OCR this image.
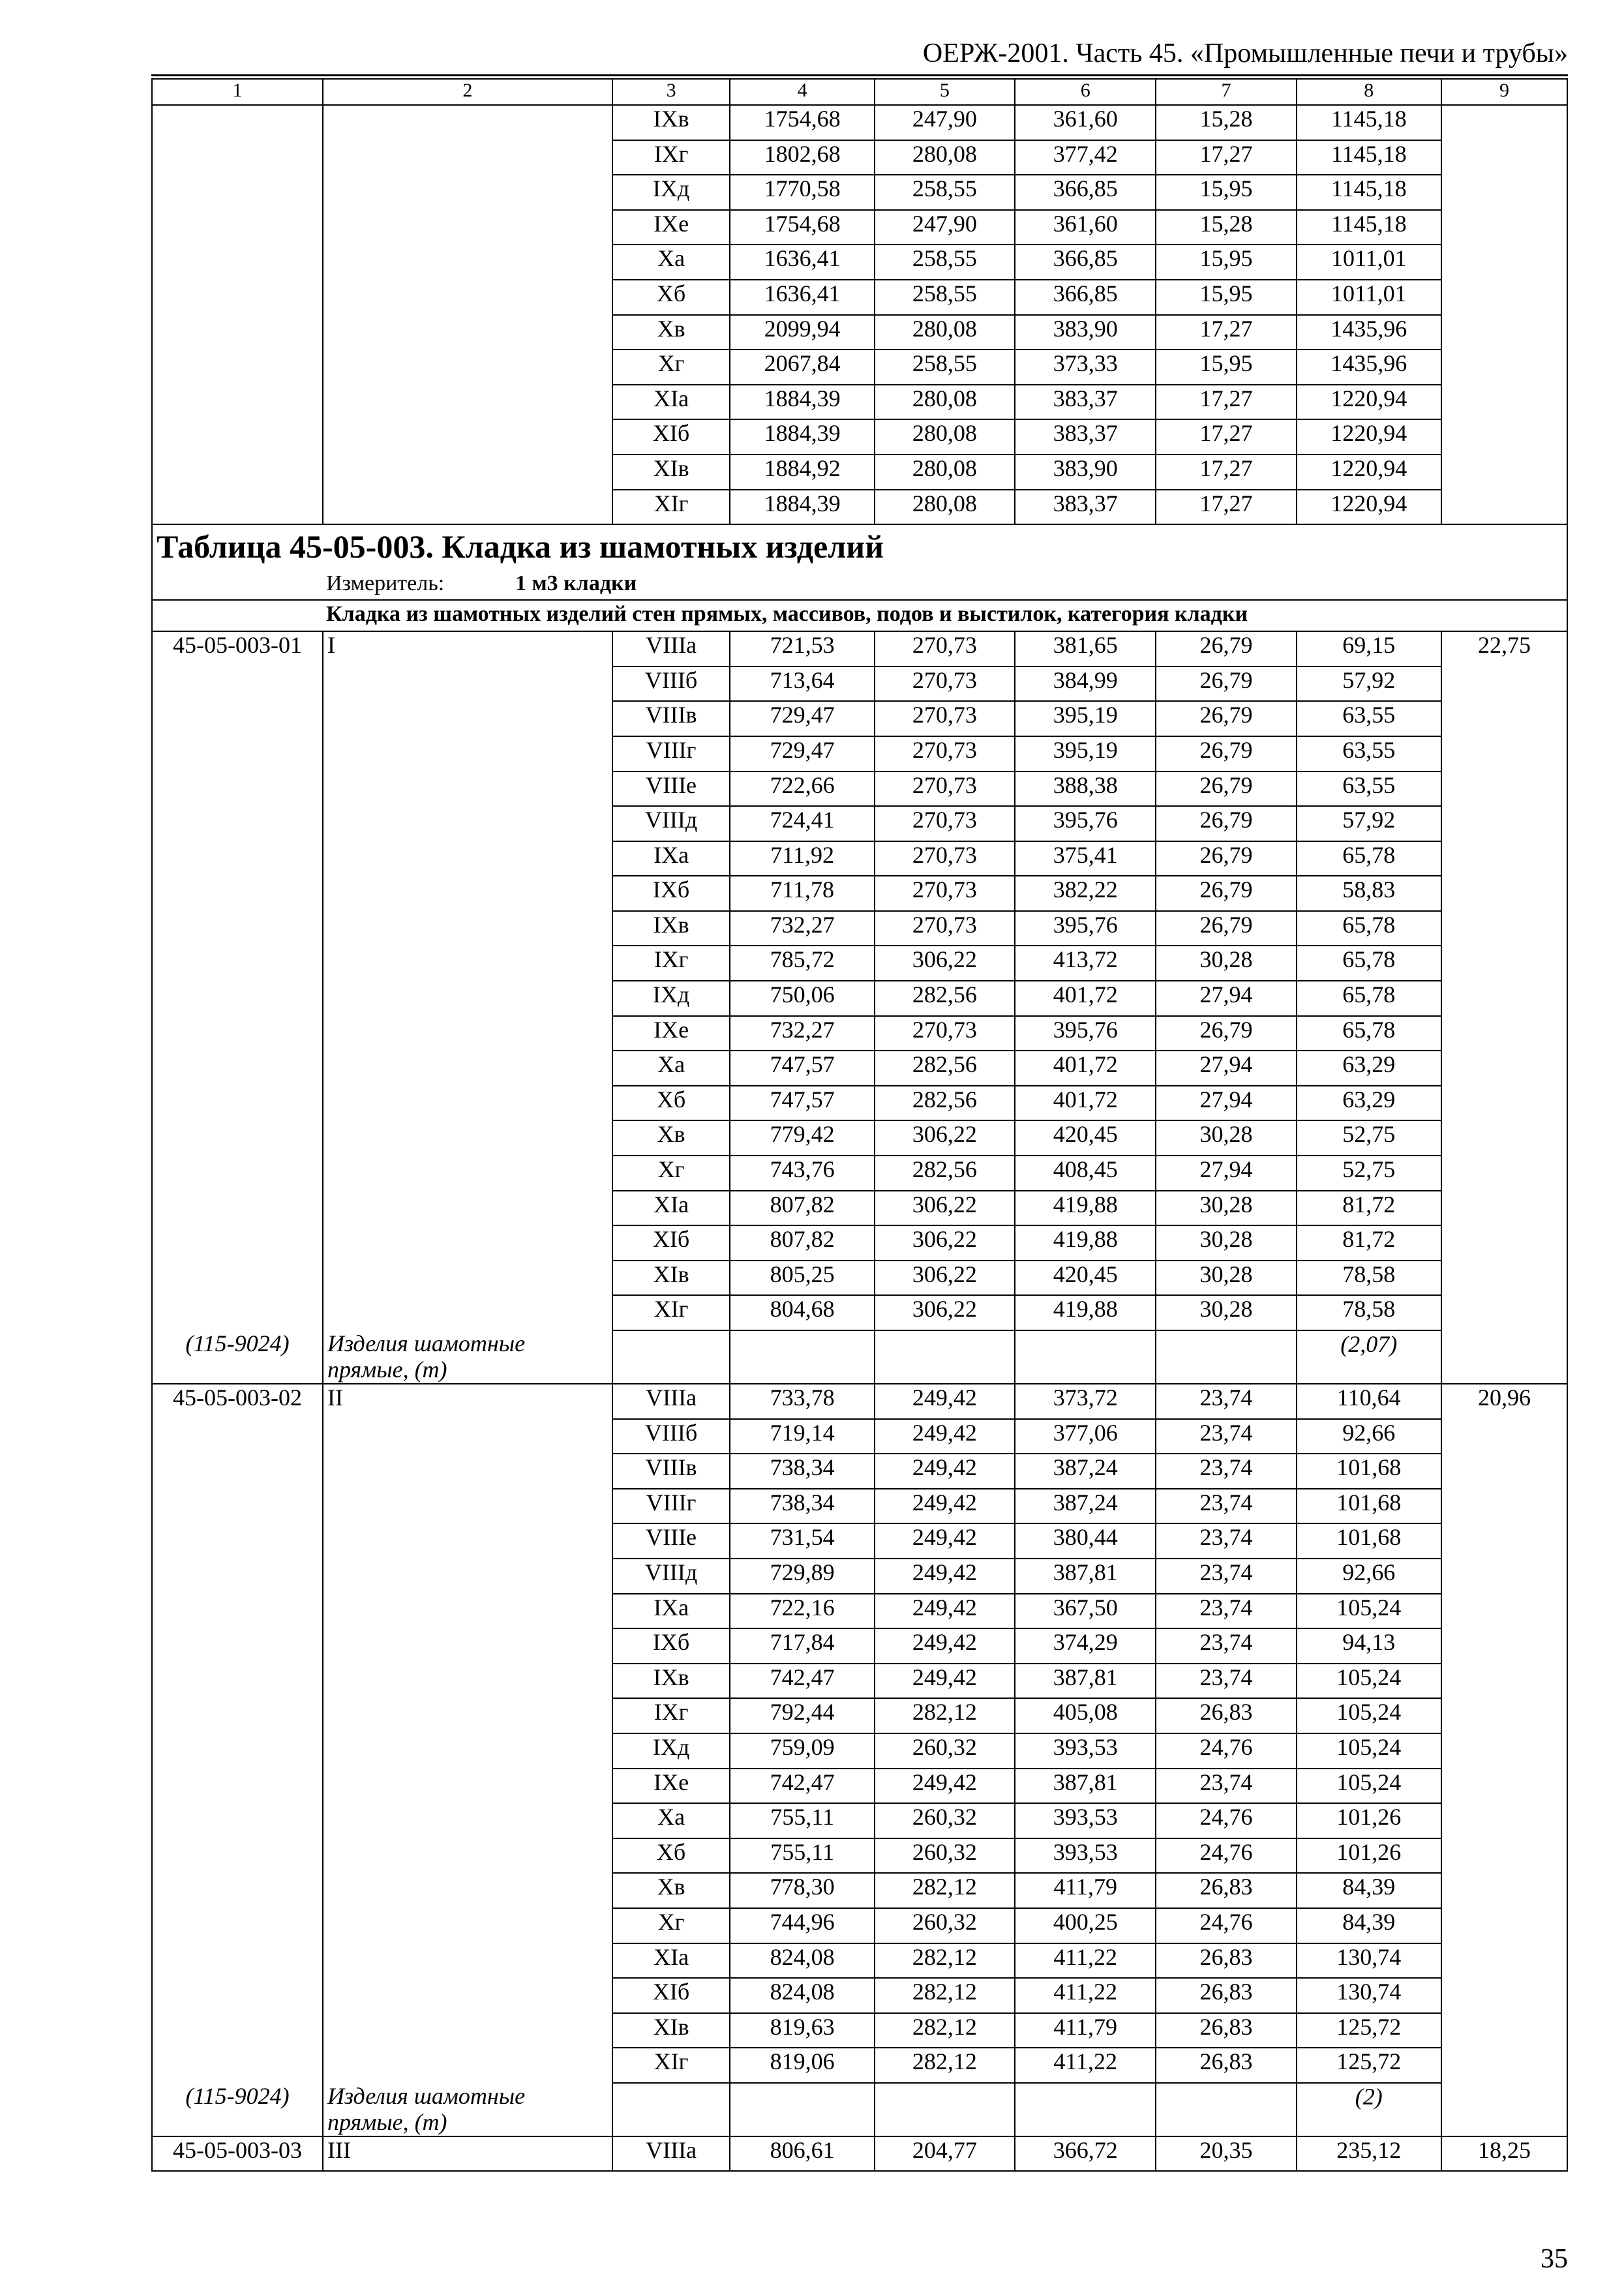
ОЕРЖ-2001. Часть 45. «Промышленные печи и трубы»
1	2	3	4	5	6	7	8	9
		IXв	1754,68	247,90	361,60	15,28	1145,18	
		IXг	1802,68	280,08	377,42	17,27	1145,18	
		IXд	1770,58	258,55	366,85	15,95	1145,18	
		IXе	1754,68	247,90	361,60	15,28	1145,18	
		Xа	1636,41	258,55	366,85	15,95	1011,01	
		Xб	1636,41	258,55	366,85	15,95	1011,01	
		Xв	2099,94	280,08	383,90	17,27	1435,96	
		Xг	2067,84	258,55	373,33	15,95	1435,96	
		XIа	1884,39	280,08	383,37	17,27	1220,94	
		XIб	1884,39	280,08	383,37	17,27	1220,94	
		XIв	1884,92	280,08	383,90	17,27	1220,94	
		XIг	1884,39	280,08	383,37	17,27	1220,94	
Таблица 45-05-003. Кладка из шамотных изделий								
Измеритель: 1 м3 кладки								
Кладка из шамотных изделий стен прямых, массивов, подов и выстилок, категория кладки								
45-05-003-01	I	VIIIа	721,53	270,73	381,65	26,79	69,15	22,75
		VIIIб	713,64	270,73	384,99	26,79	57,92	
		VIIIв	729,47	270,73	395,19	26,79	63,55	
		VIIIг	729,47	270,73	395,19	26,79	63,55	
		VIIIе	722,66	270,73	388,38	26,79	63,55	
		VIIIд	724,41	270,73	395,76	26,79	57,92	
		IXа	711,92	270,73	375,41	26,79	65,78	
		IXб	711,78	270,73	382,22	26,79	58,83	
		IXв	732,27	270,73	395,76	26,79	65,78	
		IXг	785,72	306,22	413,72	30,28	65,78	
		IXд	750,06	282,56	401,72	27,94	65,78	
		IXе	732,27	270,73	395,76	26,79	65,78	
		Xа	747,57	282,56	401,72	27,94	63,29	
		Xб	747,57	282,56	401,72	27,94	63,29	
		Xв	779,42	306,22	420,45	30,28	52,75	
		Xг	743,76	282,56	408,45	27,94	52,75	
		XIа	807,82	306,22	419,88	30,28	81,72	
		XIб	807,82	306,22	419,88	30,28	81,72	
		XIв	805,25	306,22	420,45	30,28	78,58	
		XIг	804,68	306,22	419,88	30,28	78,58	
(115-9024)	Изделия шамотные
прямые, (т)						(2,07)	
45-05-003-02	II	VIIIа	733,78	249,42	373,72	23,74	110,64	20,96
		VIIIб	719,14	249,42	377,06	23,74	92,66	
		VIIIв	738,34	249,42	387,24	23,74	101,68	
		VIIIг	738,34	249,42	387,24	23,74	101,68	
		VIIIе	731,54	249,42	380,44	23,74	101,68	
		VIIIд	729,89	249,42	387,81	23,74	92,66	
		IXа	722,16	249,42	367,50	23,74	105,24	
		IXб	717,84	249,42	374,29	23,74	94,13	
		IXв	742,47	249,42	387,81	23,74	105,24	
		IXг	792,44	282,12	405,08	26,83	105,24	
		IXд	759,09	260,32	393,53	24,76	105,24	
		IXе	742,47	249,42	387,81	23,74	105,24	
		Xа	755,11	260,32	393,53	24,76	101,26	
		Xб	755,11	260,32	393,53	24,76	101,26	
		Xв	778,30	282,12	411,79	26,83	84,39	
		Xг	744,96	260,32	400,25	24,76	84,39	
		XIа	824,08	282,12	411,22	26,83	130,74	
		XIб	824,08	282,12	411,22	26,83	130,74	
		XIв	819,63	282,12	411,79	26,83	125,72	
		XIг	819,06	282,12	411,22	26,83	125,72	
(115-9024)	Изделия шамотные
прямые, (т)						(2)	
45-05-003-03	III	VIIIа	806,61	204,77	366,72	20,35	235,12	18,25
35
